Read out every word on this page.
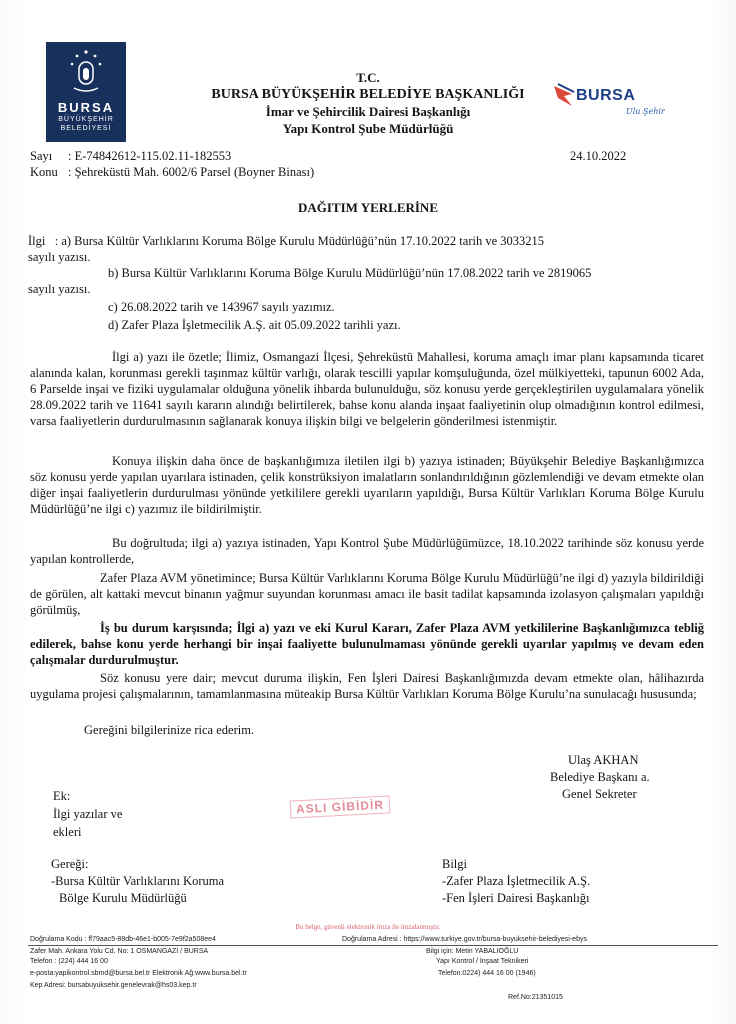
BURSA
BÜYÜKŞEHİR
BELEDİYESİ
T.C.
BURSA BÜYÜKŞEHİR BELEDİYE BAŞKANLIĞI
İmar ve Şehircilik Dairesi Başkanlığı
Yapı Kontrol Şube Müdürlüğü
BURSA
Ulu Şehir
Sayı : E-74842612-115.02.11-182553
Konu : Şehreküstü Mah. 6002/6 Parsel (Boyner Binası)
24.10.2022
DAĞITIM YERLERİNE
İlgi : a) Bursa Kültür Varlıklarını Koruma Bölge Kurulu Müdürlüğü’nün 17.10.2022 tarih ve 3033215
sayılı yazısı.
b) Bursa Kültür Varlıklarını Koruma Bölge Kurulu Müdürlüğü’nün 17.08.2022 tarih ve 2819065
sayılı yazısı.
c) 26.08.2022 tarih ve 143967 sayılı yazımız.
d) Zafer Plaza İşletmecilik A.Ş. ait 05.09.2022 tarihli yazı.
İlgi a) yazı ile özetle; İlimiz, Osmangazi İlçesi, Şehreküstü Mahallesi, koruma amaçlı imar planı kapsamında ticaret alanında kalan, korunması gerekli taşınmaz kültür varlığı, olarak tescilli yapılar komşuluğunda, özel mülkiyetteki, tapunun 6002 Ada, 6 Parselde inşai ve fiziki uygulamalar olduğuna yönelik ihbarda bulunulduğu, söz konusu yerde gerçekleştirilen uygulamalara yönelik 28.09.2022 tarih ve 11641 sayılı kararın alındığı belirtilerek, bahse konu alanda inşaat faaliyetinin olup olmadığının kontrol edilmesi, varsa faaliyetlerin durdurulmasının sağlanarak konuya ilişkin bilgi ve belgelerin gönderilmesi istenmiştir.
Konuya ilişkin daha önce de başkanlığımıza iletilen ilgi b) yazıya istinaden; Büyükşehir Belediye Başkanlığımızca söz konusu yerde yapılan uyarılara istinaden, çelik konstrüksiyon imalatların sonlandırıldığının gözlemlendiği ve devam etmekte olan diğer inşai faaliyetlerin durdurulması yönünde yetkililere gerekli uyarıların yapıldığı, Bursa Kültür Varlıkları Koruma Bölge Kurulu Müdürlüğü’ne ilgi c) yazımız ile bildirilmiştir.
Bu doğrultuda; ilgi a) yazıya istinaden, Yapı Kontrol Şube Müdürlüğümüzce, 18.10.2022 tarihinde söz konusu yerde yapılan kontrollerde,
Zafer Plaza AVM yönetimince; Bursa Kültür Varlıklarını Koruma Bölge Kurulu Müdürlüğü’ne ilgi d) yazıyla bildirildiği de görülen, alt kattaki mevcut binanın yağmur suyundan korunması amacı ile basit tadilat kapsamında izolasyon çalışmaları yapıldığı görülmüş,
İş bu durum karşısında; İlgi a) yazı ve eki Kurul Kararı, Zafer Plaza AVM yetkililerine Başkanlığımızca tebliğ edilerek, bahse konu yerde herhangi bir inşai faaliyette bulunulmaması yönünde gerekli uyarılar yapılmış ve devam eden çalışmalar durdurulmuştur.
Söz konusu yere dair; mevcut duruma ilişkin, Fen İşleri Dairesi Başkanlığımızda devam etmekte olan, hâlihazırda uygulama projesi çalışmalarının, tamamlanmasına müteakip Bursa Kültür Varlıkları Koruma Bölge Kurulu’na sunulacağı hususunda;
Gereğini bilgilerinize rica ederim.
Ulaş AKHAN
Belediye Başkanı a.
Genel Sekreter
ASLI GİBİDİR
Ek:
İlgi yazılar ve
ekleri
Gereği:
-Bursa Kültür Varlıklarını Koruma
Bölge Kurulu Müdürlüğü
Bilgi
-Zafer Plaza İşletmecilik A.Ş.
-Fen İşleri Dairesi Başkanlığı
Bu belge, güvenli elektronik imza ile imzalanmıştır.
Doğrulama Kodu : ff79aac5-88db-46e1-b005-7e9f2a508ee4	Doğrulama Adresi : https://www.turkiye.gov.tr/bursa-buyuksehir-belediyesi-ebys
Zafer Mah. Ankara Yolu Cd. No: 1 OSMANGAZİ / BURSA
Telefon : (224) 444 16 00
e-posta:yapikontrol.sbmd@bursa.bel.tr Elektronik Ağ:www.bursa.bel.tr
Kep Adresi: bursabuyuksehir.genelevrak@hs03.kep.tr
Bilgi için: Metin YABALIOĞLU
Yapı Kontrol / İnşaat Teknikeri
Telefon:0224) 444 16 00 (1946)
Ref.No:21351015
